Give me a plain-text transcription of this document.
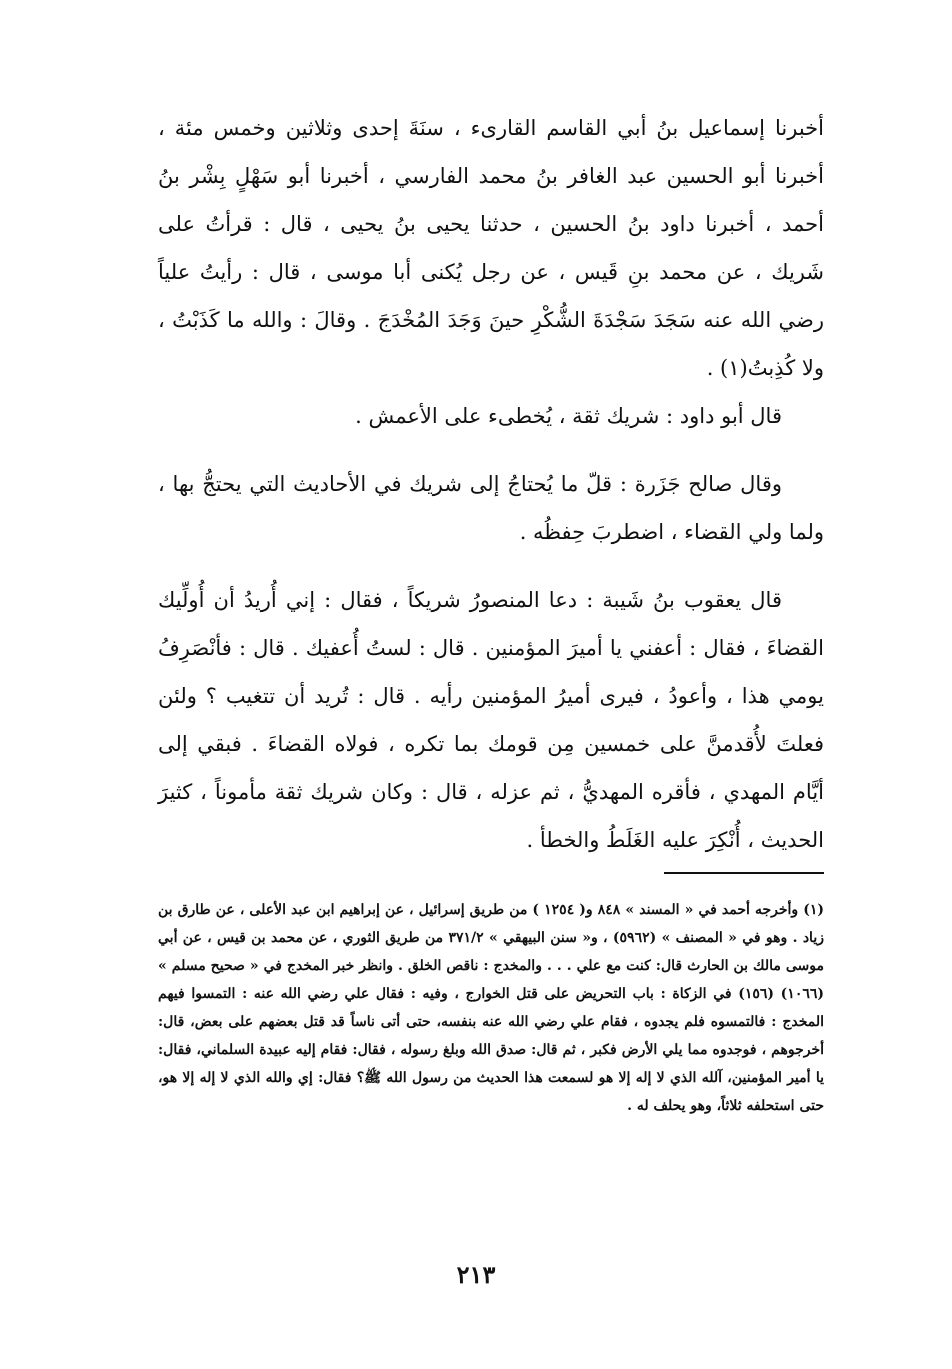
أخبرنا إسماعيل بنُ أبي القاسم القارىء ، سنَةَ إحدى وثلاثين وخمس مئة ، أخبرنا أبو الحسين عبد الغافر بنُ محمد الفارسي ، أخبرنا أبو سَهْلٍ بِشْر بنُ أحمد ، أخبرنا داود بنُ الحسين ، حدثنا يحيى بنُ يحيى ، قال : قرأتُ على شَريك ، عن محمد بنِ قَيس ، عن رجل يُكنى أبا موسى ، قال : رأيتُ علياً رضي الله عنه سَجَدَ سَجْدَةَ الشُّكْرِ حينَ وَجَدَ المُخْدَجَ . وقالَ : والله ما كَذَبْتُ ، ولا كُذِبتُ(١) .

قال أبو داود : شريك ثقة ، يُخطىء على الأعمش .

وقال صالح جَزَرة : قلّ ما يُحتاجُ إلى شريك في الأحاديث التي يحتجُّ بها ، ولما ولي القضاء ، اضطربَ حِفظُه .

قال يعقوب بنُ شَيبة : دعا المنصورُ شريكاً ، فقال : إني أُريدُ أن أُولِّيك القضاءَ ، فقال : أعفني يا أميرَ المؤمنين . قال : لستُ أُعفيك . قال : فأنْصَرِفُ يومي هذا ، وأعودُ ، فيرى أميرُ المؤمنين رأيه . قال : تُريد أن تتغيب ؟ ولئن فعلتَ لأُقدمنَّ على خمسين مِن قومك بما تكره ، فولاه القضاءَ . فبقي إلى أيَّام المهدي ، فأقره المهديُّ ، ثم عزله ، قال : وكان شريك ثقة مأموناً ، كثيرَ الحديث ، أُنْكِرَ عليه الغَلَطُ والخطأ .

(١) وأخرجه أحمد في « المسند » ٨٤٨ و( ١٢٥٤ ) من طريق إسرائيل ، عن إبراهيم ابن عبد الأعلى ، عن طارق بن زياد . وهو في « المصنف » (٥٩٦٢) ، و« سنن البيهقي » ٣٧١/٢ من طريق الثوري ، عن محمد بن قيس ، عن أبي موسى مالك بن الحارث قال: كنت مع علي . . . والمخدج : ناقص الخلق . وانظر خبر المخدج في « صحيح مسلم » (١٠٦٦) (١٥٦) في الزكاة : باب التحريض على قتل الخوارج ، وفيه : فقال علي رضي الله عنه : التمسوا فيهم المخدج : فالتمسوه فلم يجدوه ، فقام علي رضي الله عنه بنفسه، حتى أتى ناساً قد قتل بعضهم على بعض، قال: أخرجوهم ، فوجدوه مما يلي الأرض فكبر ، ثم قال: صدق الله وبلغ رسوله ، فقال: فقام إليه عبيدة السلماني، فقال: يا أمير المؤمنين، آلله الذي لا إله إلا هو لسمعت هذا الحديث من رسول الله ﷺ؟ فقال: إي والله الذي لا إله إلا هو، حتى استحلفه ثلاثاً، وهو يحلف له .

٢١٣
